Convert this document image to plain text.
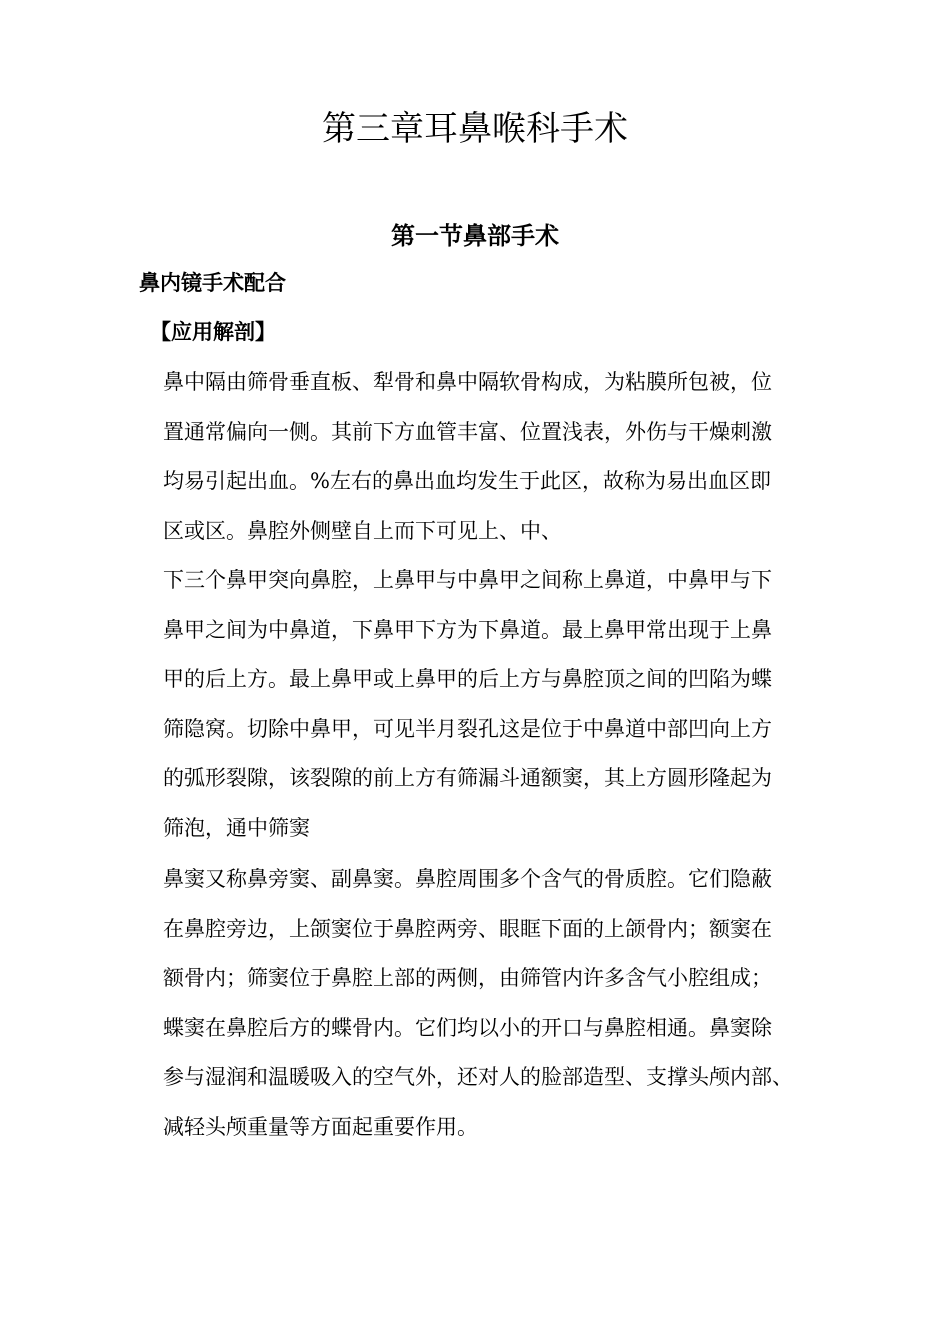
第三章耳鼻喉科手术
第一节鼻部手术
鼻内镜手术配合
【应用解剖】

鼻中隔由筛骨垂直板、犁骨和鼻中隔软骨构成，为粘膜所包被，位
置通常偏向一侧。其前下方血管丰富、位置浅表，外伤与干燥刺激
均易引起出血。%左右的鼻出血均发生于此区，故称为易出血区即
区或区。鼻腔外侧壁自上而下可见上、中、

下三个鼻甲突向鼻腔，上鼻甲与中鼻甲之间称上鼻道，中鼻甲与下
鼻甲之间为中鼻道，下鼻甲下方为下鼻道。最上鼻甲常出现于上鼻
甲的后上方。最上鼻甲或上鼻甲的后上方与鼻腔顶之间的凹陷为蝶
筛隐窝。切除中鼻甲，可见半月裂孔这是位于中鼻道中部凹向上方
的弧形裂隙，该裂隙的前上方有筛漏斗通额窦，其上方圆形隆起为
筛泡，通中筛窦

鼻窦又称鼻旁窦、副鼻窦。鼻腔周围多个含气的骨质腔。它们隐蔽
在鼻腔旁边，上颌窦位于鼻腔两旁、眼眶下面的上颌骨内；额窦在
额骨内；筛窦位于鼻腔上部的两侧，由筛管内许多含气小腔组成；
蝶窦在鼻腔后方的蝶骨内。它们均以小的开口与鼻腔相通。鼻窦除
参与湿润和温暖吸入的空气外，还对人的脸部造型、支撑头颅内部、
减轻头颅重量等方面起重要作用。
